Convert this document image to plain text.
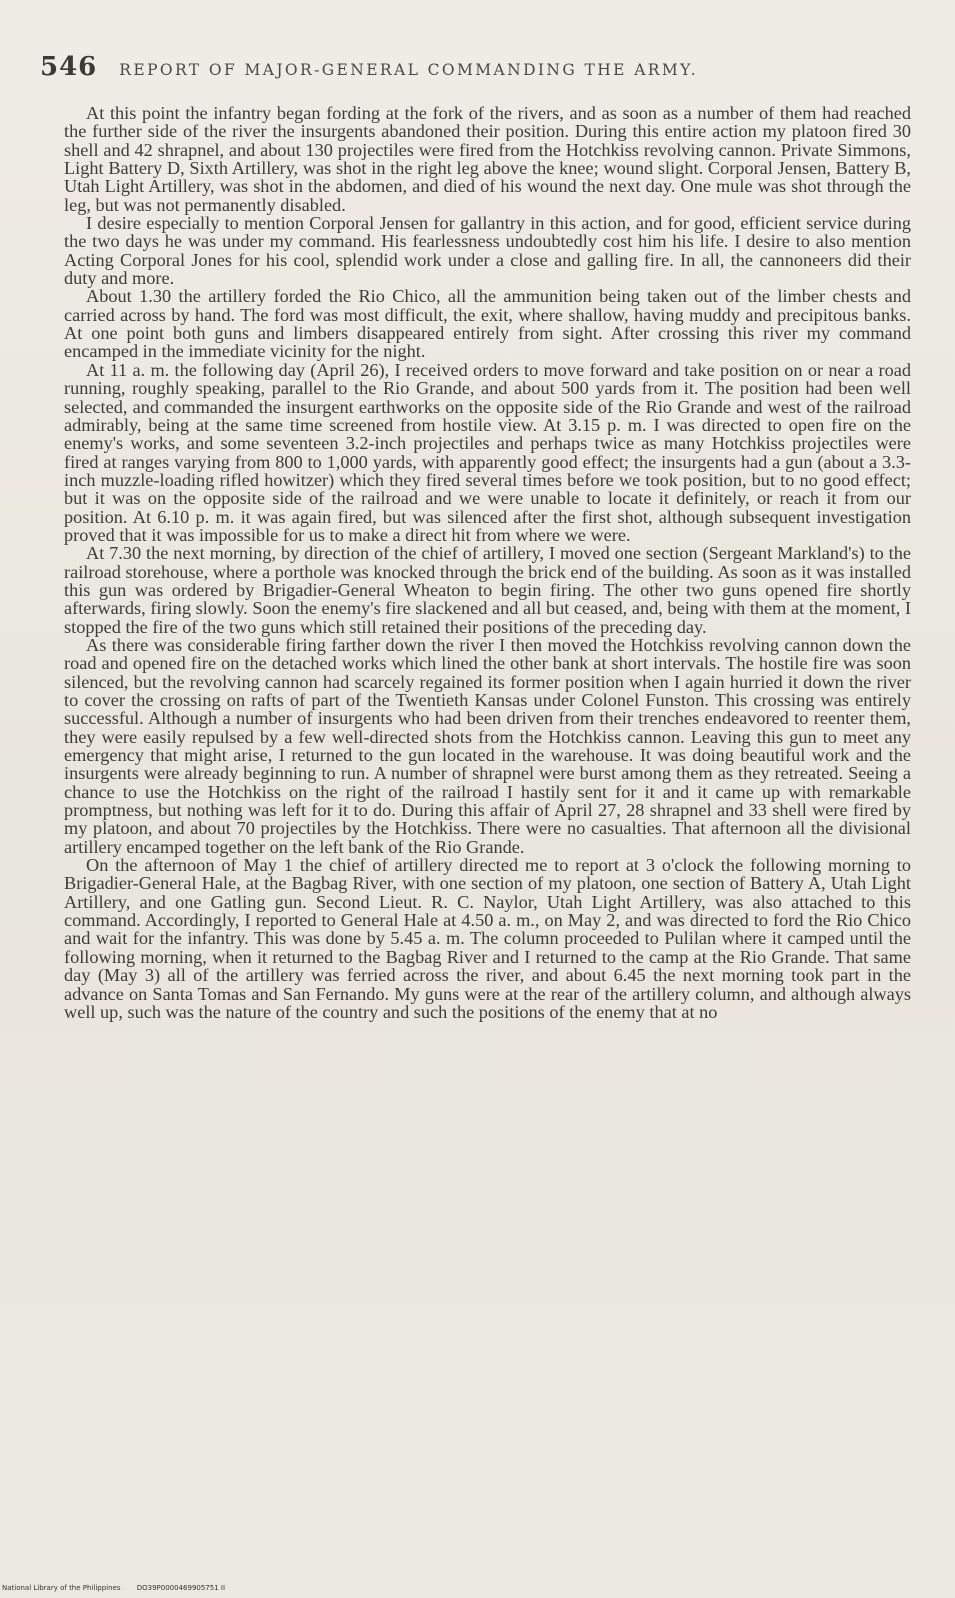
546 REPORT OF MAJOR-GENERAL COMMANDING THE ARMY.

At this point the infantry began fording at the fork of the rivers, and as soon as a number of them had reached the further side of the river the insurgents abandoned their position. During this entire action my platoon fired 30 shell and 42 shrapnel, and about 130 projectiles were fired from the Hotchkiss revolving cannon. Private Simmons, Light Battery D, Sixth Artillery, was shot in the right leg above the knee; wound slight. Corporal Jensen, Battery B, Utah Light Artillery, was shot in the abdomen, and died of his wound the next day. One mule was shot through the leg, but was not permanently disabled.

I desire especially to mention Corporal Jensen for gallantry in this action, and for good, efficient service during the two days he was under my command. His fearlessness undoubtedly cost him his life. I desire to also mention Acting Corporal Jones for his cool, splendid work under a close and galling fire. In all, the cannoneers did their duty and more.

About 1.30 the artillery forded the Rio Chico, all the ammunition being taken out of the limber chests and carried across by hand. The ford was most difficult, the exit, where shallow, having muddy and precipitous banks. At one point both guns and limbers disappeared entirely from sight. After crossing this river my command encamped in the immediate vicinity for the night.

At 11 a. m. the following day (April 26), I received orders to move forward and take position on or near a road running, roughly speaking, parallel to the Rio Grande, and about 500 yards from it. The position had been well selected, and commanded the insurgent earthworks on the opposite side of the Rio Grande and west of the railroad admirably, being at the same time screened from hostile view. At 3.15 p. m. I was directed to open fire on the enemy's works, and some seventeen 3.2-inch projectiles and perhaps twice as many Hotchkiss projectiles were fired at ranges varying from 800 to 1,000 yards, with apparently good effect; the insurgents had a gun (about a 3.3-inch muzzle-loading rifled howitzer) which they fired several times before we took position, but to no good effect; but it was on the opposite side of the railroad and we were unable to locate it definitely, or reach it from our position. At 6.10 p. m. it was again fired, but was silenced after the first shot, although subsequent investigation proved that it was impossible for us to make a direct hit from where we were.

At 7.30 the next morning, by direction of the chief of artillery, I moved one section (Sergeant Markland's) to the railroad storehouse, where a porthole was knocked through the brick end of the building. As soon as it was installed this gun was ordered by Brigadier-General Wheaton to begin firing. The other two guns opened fire shortly afterwards, firing slowly. Soon the enemy's fire slackened and all but ceased, and, being with them at the moment, I stopped the fire of the two guns which still retained their positions of the preceding day.

As there was considerable firing farther down the river I then moved the Hotchkiss revolving cannon down the road and opened fire on the detached works which lined the other bank at short intervals. The hostile fire was soon silenced, but the revolving cannon had scarcely regained its former position when I again hurried it down the river to cover the crossing on rafts of part of the Twentieth Kansas under Colonel Funston. This crossing was entirely successful. Although a number of insurgents who had been driven from their trenches endeavored to reenter them, they were easily repulsed by a few well-directed shots from the Hotchkiss cannon. Leaving this gun to meet any emergency that might arise, I returned to the gun located in the warehouse. It was doing beautiful work and the insurgents were already beginning to run. A number of shrapnel were burst among them as they retreated. Seeing a chance to use the Hotchkiss on the right of the railroad I hastily sent for it and it came up with remarkable promptness, but nothing was left for it to do. During this affair of April 27, 28 shrapnel and 33 shell were fired by my platoon, and about 70 projectiles by the Hotchkiss. There were no casualties. That afternoon all the divisional artillery encamped together on the left bank of the Rio Grande.

On the afternoon of May 1 the chief of artillery directed me to report at 3 o'clock the following morning to Brigadier-General Hale, at the Bagbag River, with one section of my platoon, one section of Battery A, Utah Light Artillery, and one Gatling gun. Second Lieut. R. C. Naylor, Utah Light Artillery, was also attached to this command. Accordingly, I reported to General Hale at 4.50 a. m., on May 2, and was directed to ford the Rio Chico and wait for the infantry. This was done by 5.45 a. m. The column proceeded to Pulilan where it camped until the following morning, when it returned to the Bagbag River and I returned to the camp at the Rio Grande. That same day (May 3) all of the artillery was ferried across the river, and about 6.45 the next morning took part in the advance on Santa Tomas and San Fernando. My guns were at the rear of the artillery column, and although always well up, such was the nature of the country and such the positions of the enemy that at no

National Library of the Philippines DO39P0000469905751 II
